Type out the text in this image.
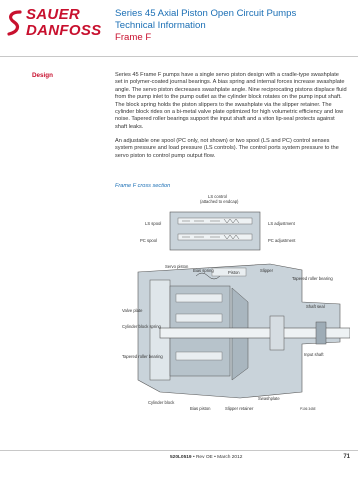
SAUER
DANFOSS
Series 45 Axial Piston Open Circuit Pumps
Technical Information
Frame F
Design	Series 45 Frame F pumps have a single servo piston design with a cradle-type swashplate set in polymer-coated journal bearings. A bias spring and internal forces increase swashplate angle. The servo piston decreases swashplate angle. Nine reciprocating pistons displace fluid from the pump inlet to the pump outlet as the cylinder block rotates on the pump input shaft. The block spring holds the piston slippers to the swashplate via the slipper retainer. The cylinder block rides on a bi-metal valve plate optimized for high volumetric efficiency and low noise. Tapered roller bearings support the input shaft and a viton lip-seal protects against shaft leaks.
An adjustable one spool (PC only, not shown) or two spool (LS and PC) control senses system pressure and load pressure (LS controls). The control ports system pressure to the servo piston to control pump output flow.
Frame F cross section
LS control
(attached to endcap)
LS spool	LS adjustment
PC spool	PC adjustment
Servo piston
Bias spring	Piston	Slipper
Tapered roller bearing
Shaft seal
Valve plate
Cylinder block spring
Tapered roller bearing	Input shaft
Swashplate
Cylinder block
Bias piston	Slipper retainer	P106 345E
520L0519 • Rev OE • March 2012	71
